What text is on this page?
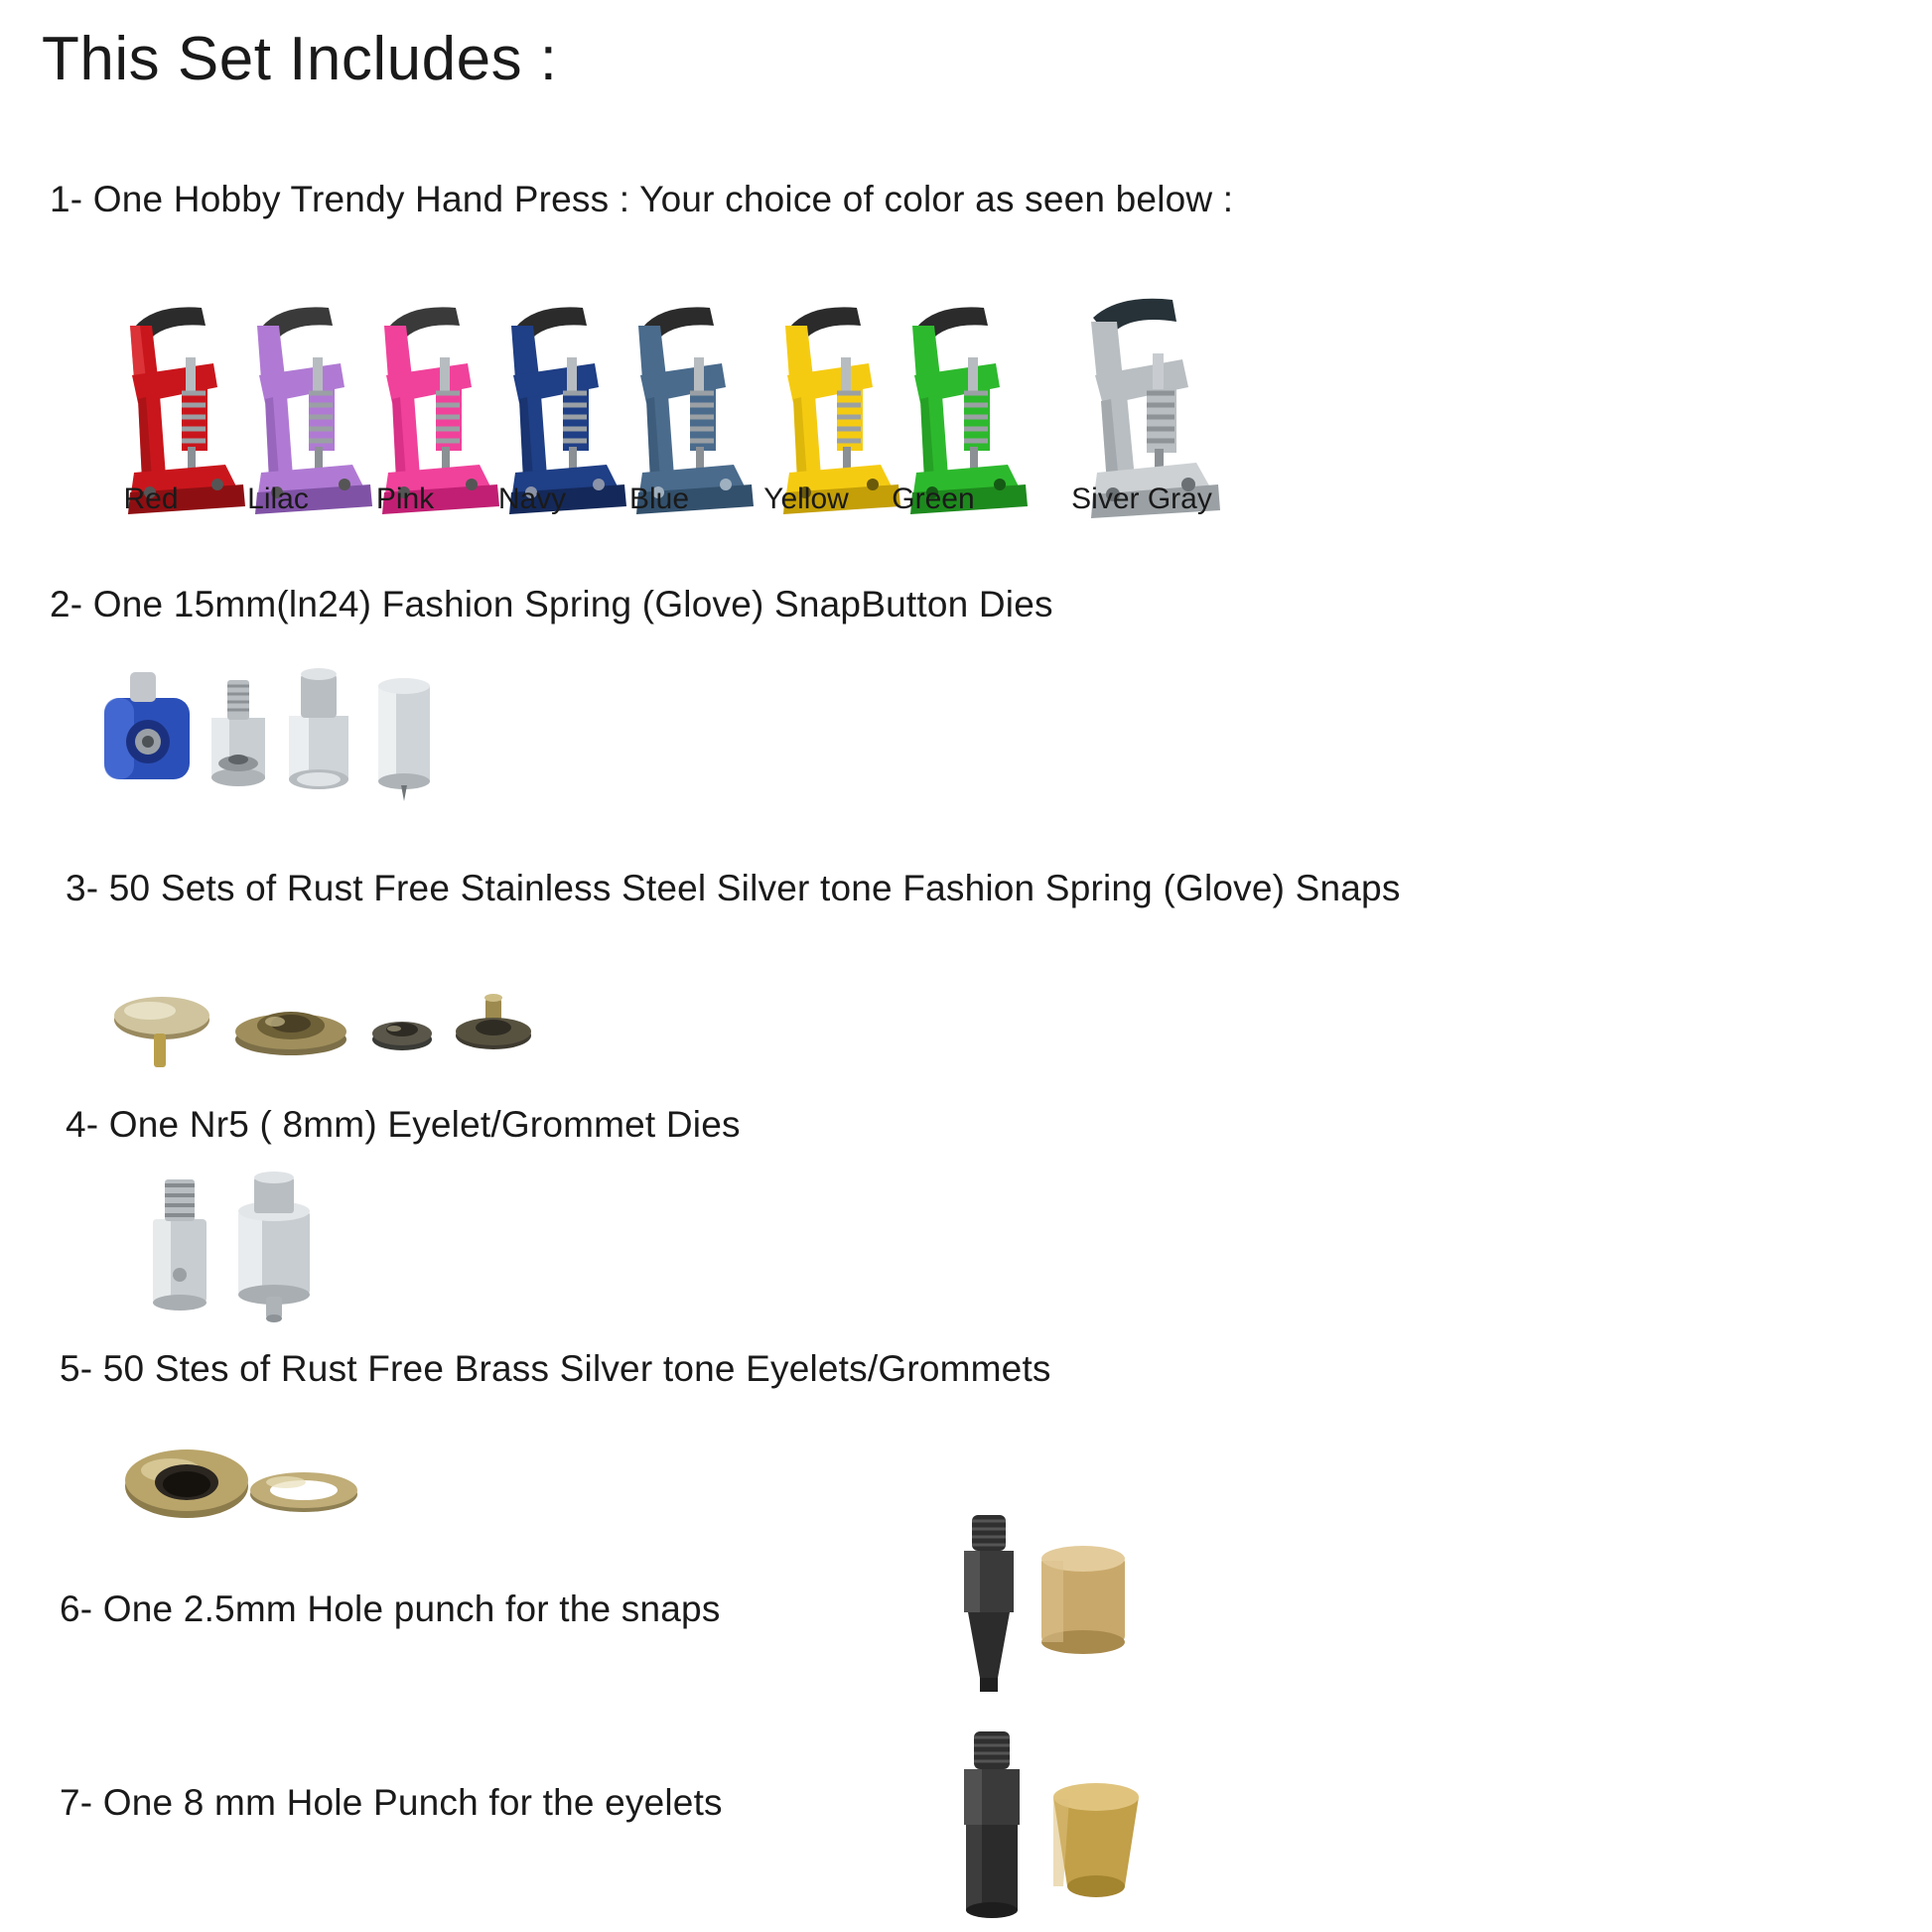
This Set Includes :
1- One Hobby Trendy Hand Press : Your choice of color as seen below :
Red	Lilac	Pink	Navy	Blue	Yellow	Green	Siver Gray
2- One 15mm(ln24) Fashion Spring (Glove) SnapButton Dies
3- 50 Sets of Rust Free Stainless Steel Silver tone Fashion Spring (Glove) Snaps
4- One Nr5 ( 8mm) Eyelet/Grommet Dies
5- 50 Stes of Rust Free Brass Silver tone Eyelets/Grommets
6- One 2.5mm Hole punch for the snaps
7- One 8 mm Hole Punch for the eyelets
